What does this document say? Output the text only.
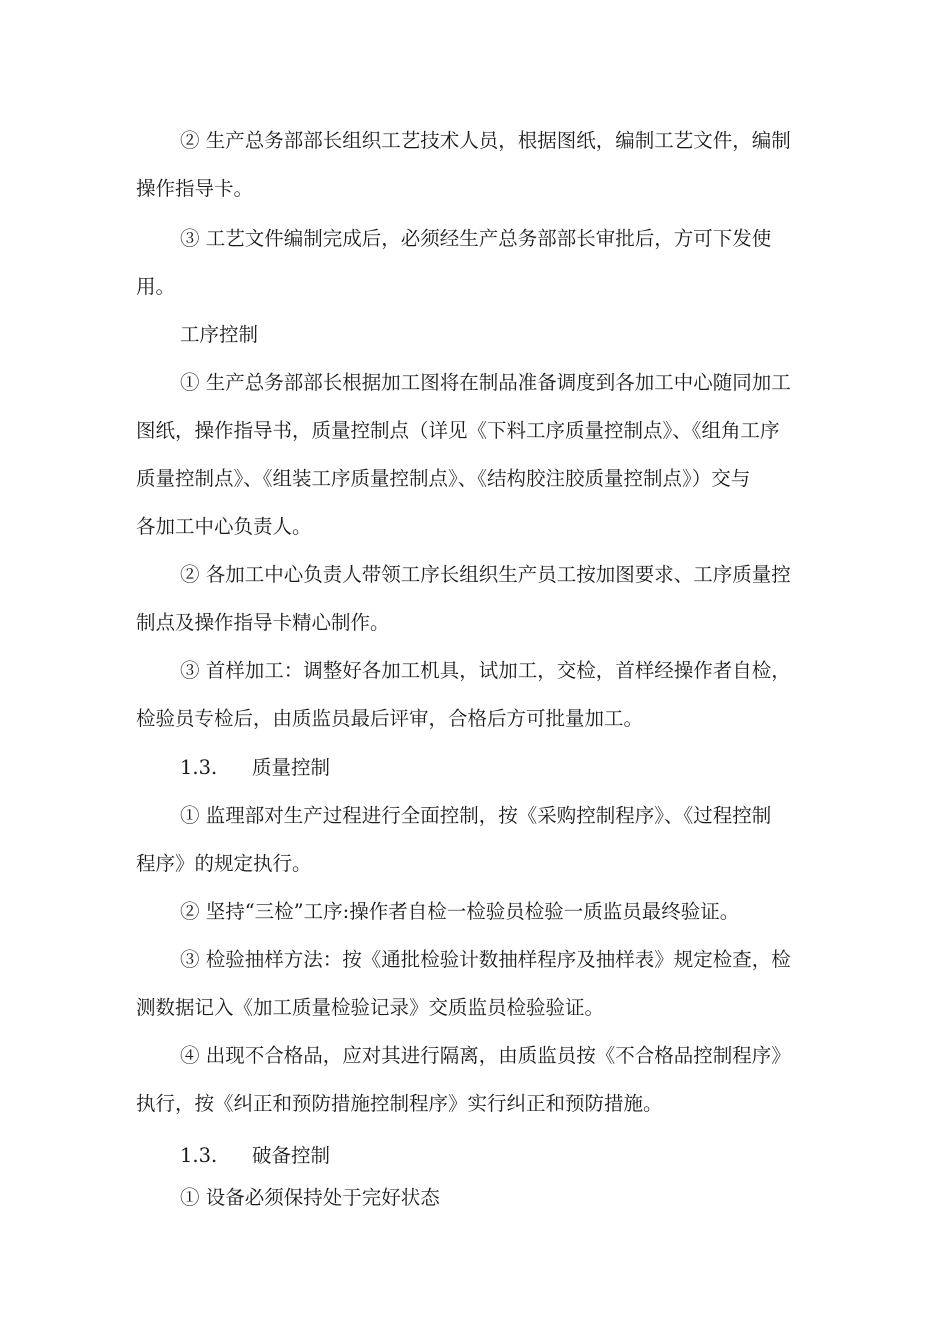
② 生产总务部部长组织工艺技术人员，根据图纸，编制工艺文件，编制
操作指导卡。
③ 工艺文件编制完成后，必须经生产总务部部长审批后，方可下发使
用。
工序控制
① 生产总务部部长根据加工图将在制品准备调度到各加工中心随同加工
图纸，操作指导书，质量控制点（详见《下料工序质量控制点》、《组角工序
质量控制点》、《组装工序质量控制点》、《结构胶注胶质量控制点》）交与
各加工中心负责人。
② 各加工中心负责人带领工序长组织生产员工按加图要求、工序质量控
制点及操作指导卡精心制作。
③ 首样加工：调整好各加工机具，试加工，交检，首样经操作者自检，
检验员专检后，由质监员最后评审，合格后方可批量加工。
1.3. 质量控制
① 监理部对生产过程进行全面控制，按《采购控制程序》、《过程控制
程序》的规定执行。
② 坚持“三检”工序:操作者自检一检验员检验一质监员最终验证。
③ 检验抽样方法：按《通批检验计数抽样程序及抽样表》规定检查，检
测数据记入《加工质量检验记录》交质监员检验验证。
④ 出现不合格品，应对其进行隔离，由质监员按《不合格品控制程序》
执行，按《纠正和预防措施控制程序》实行纠正和预防措施。
1.3. 破备控制
① 设备必须保持处于完好状态
